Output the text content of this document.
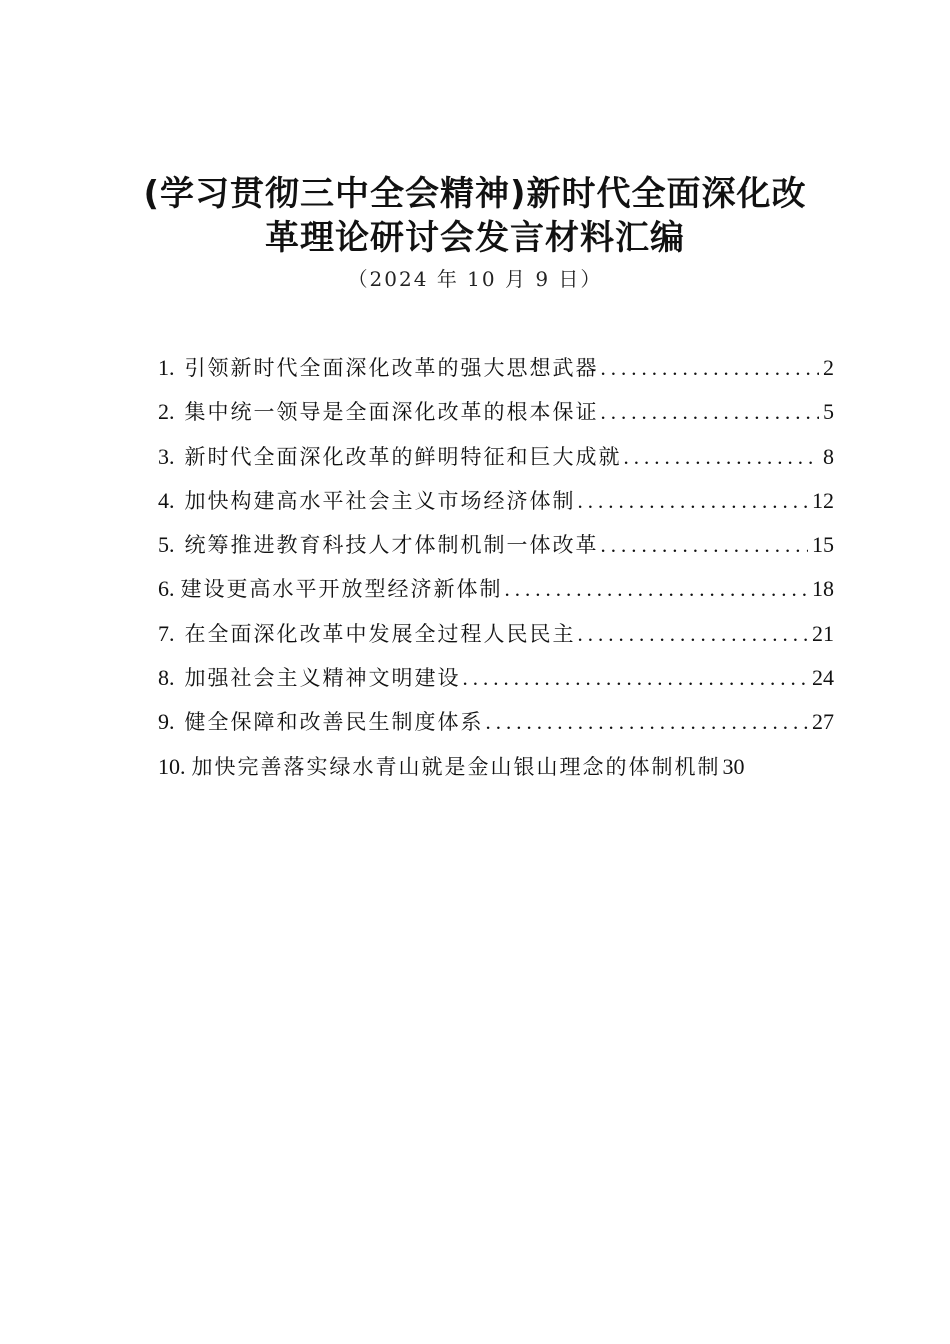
(学习贯彻三中全会精神)新时代全面深化改
革理论研讨会发言材料汇编
（2024 年 10 月 9 日）
1. 引领新时代全面深化改革的强大思想武器 .....	2
2. 集中统一领导是全面深化改革的根本保证 .....	5
3. 新时代全面深化改革的鲜明特征和巨大成就 .....	8
4. 加快构建高水平社会主义市场经济体制 .....	12
5. 统筹推进教育科技人才体制机制一体改革 .....	15
6. 建设更高水平开放型经济新体制 .....	18
7. 在全面深化改革中发展全过程人民民主 .....	21
8. 加强社会主义精神文明建设 .....	24
9. 健全保障和改善民生制度体系 .....	27
10. 加快完善落实绿水青山就是金山银山理念的体制机制 30
